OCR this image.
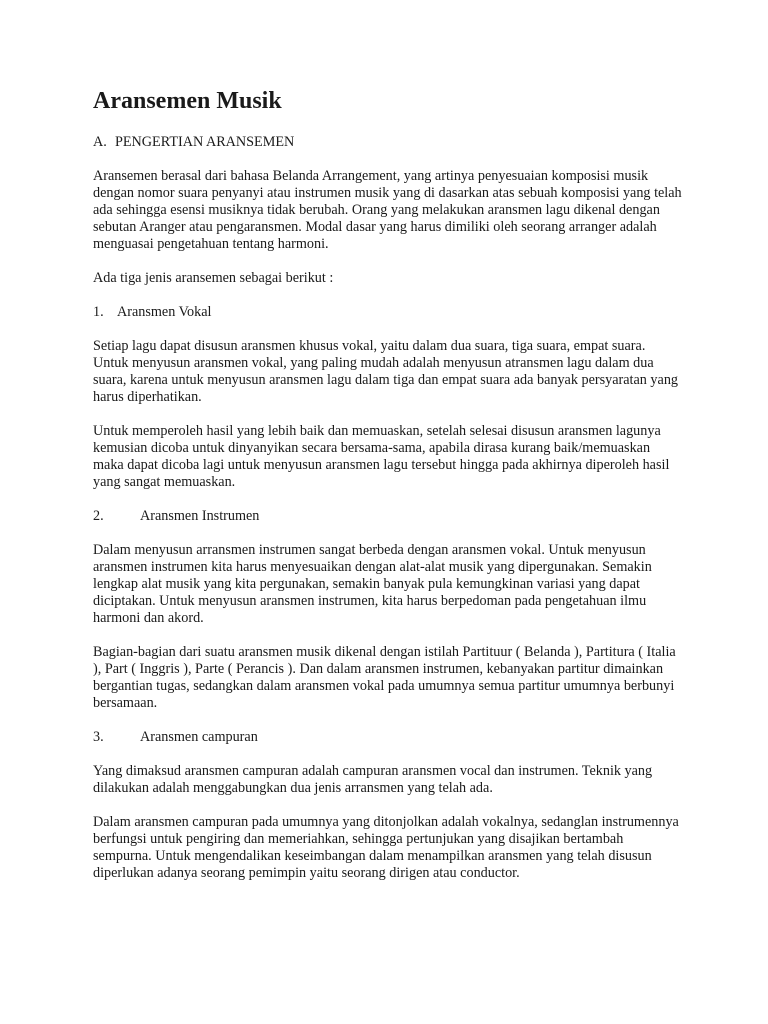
Aransemen Musik
A. PENGERTIAN ARANSEMEN

Aransemen berasal dari bahasa Belanda Arrangement, yang artinya penyesuaian komposisi musik dengan nomor suara penyanyi atau instrumen musik yang di dasarkan atas sebuah komposisi yang telah ada sehingga esensi musiknya tidak berubah. Orang yang melakukan aransmen lagu dikenal dengan sebutan Aranger atau pengaransmen. Modal dasar yang harus dimiliki oleh seorang arranger adalah menguasai pengetahuan tentang harmoni.

Ada tiga jenis aransemen sebagai berikut :

1. Aransmen Vokal

Setiap lagu dapat disusun aransmen khusus vokal, yaitu dalam dua suara, tiga suara, empat suara. Untuk menyusun aransmen vokal, yang paling mudah adalah menyusun atransmen lagu dalam dua suara, karena untuk menyusun aransmen lagu dalam tiga dan empat suara ada banyak persyaratan yang harus diperhatikan.

Untuk memperoleh hasil yang lebih baik dan memuaskan, setelah selesai disusun aransmen lagunya kemusian dicoba untuk dinyanyikan secara bersama-sama, apabila dirasa kurang baik/memuaskan maka dapat dicoba lagi untuk menyusun aransmen lagu tersebut hingga pada akhirnya diperoleh hasil yang sangat memuaskan.

2.	Aransmen Instrumen

Dalam menyusun arransmen instrumen sangat berbeda dengan aransmen vokal. Untuk menyusun aransmen instrumen kita harus menyesuaikan dengan alat-alat musik yang dipergunakan. Semakin lengkap alat musik yang kita pergunakan, semakin banyak pula kemungkinan variasi yang dapat diciptakan. Untuk menyusun aransmen instrumen, kita harus berpedoman pada pengetahuan ilmu harmoni dan akord.

Bagian-bagian dari suatu aransmen musik dikenal dengan istilah Partituur ( Belanda ), Partitura ( Italia ), Part ( Inggris ), Parte ( Perancis ). Dan dalam aransmen instrumen, kebanyakan partitur dimainkan bergantian tugas, sedangkan dalam aransmen vokal pada umumnya semua partitur umumnya berbunyi bersamaan.

3.	Aransmen campuran

Yang dimaksud aransmen campuran adalah campuran aransmen vocal dan instrumen. Teknik yang dilakukan adalah menggabungkan dua jenis arransmen yang telah ada.

Dalam aransmen campuran pada umumnya yang ditonjolkan adalah vokalnya, sedanglan instrumennya berfungsi untuk pengiring dan memeriahkan, sehingga pertunjukan yang disajikan bertambah sempurna. Untuk mengendalikan keseimbangan dalam menampilkan aransmen yang telah disusun diperlukan adanya seorang pemimpin yaitu seorang dirigen atau conductor.
